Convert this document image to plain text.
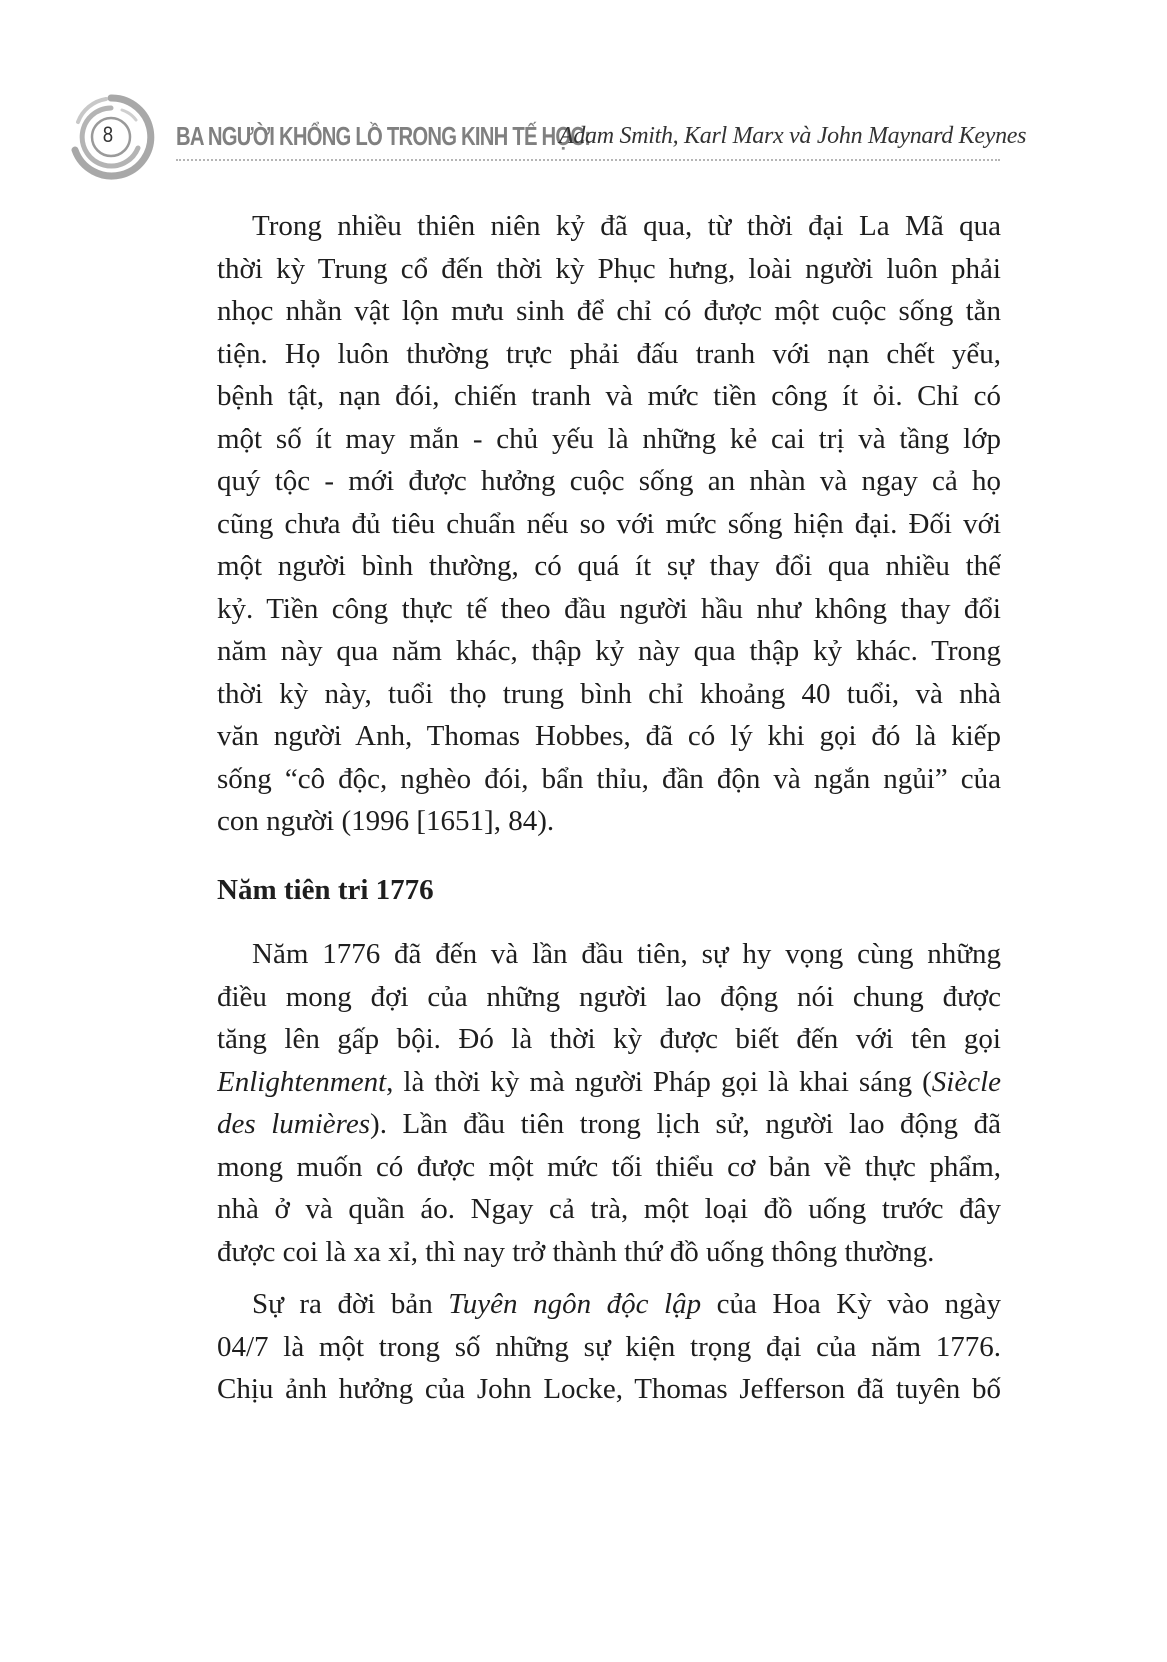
8	BA NGƯỜI KHỔNG LỒ TRONG KINH TẾ HỌC:
Adam Smith, Karl Marx và John Maynard Keynes
Trong nhiều thiên niên kỷ đã qua, từ thời đại La Mã qua
thời kỳ Trung cổ đến thời kỳ Phục hưng, loài người luôn phải
nhọc nhằn vật lộn mưu sinh để chỉ có được một cuộc sống tằn
tiện. Họ luôn thường trực phải đấu tranh với nạn chết yểu,
bệnh tật, nạn đói, chiến tranh và mức tiền công ít ỏi. Chỉ có
một số ít may mắn - chủ yếu là những kẻ cai trị và tầng lớp
quý tộc - mới được hưởng cuộc sống an nhàn và ngay cả họ
cũng chưa đủ tiêu chuẩn nếu so với mức sống hiện đại. Đối với
một người bình thường, có quá ít sự thay đổi qua nhiều thế
kỷ. Tiền công thực tế theo đầu người hầu như không thay đổi
năm này qua năm khác, thập kỷ này qua thập kỷ khác. Trong
thời kỳ này, tuổi thọ trung bình chỉ khoảng 40 tuổi, và nhà
văn người Anh, Thomas Hobbes, đã có lý khi gọi đó là kiếp
sống “cô độc, nghèo đói, bẩn thỉu, đần độn và ngắn ngủi” của
con người (1996 [1651], 84).
Năm tiên tri 1776
Năm 1776 đã đến và lần đầu tiên, sự hy vọng cùng những
điều mong đợi của những người lao động nói chung được
tăng lên gấp bội. Đó là thời kỳ được biết đến với tên gọi
Enlightenment, là thời kỳ mà người Pháp gọi là khai sáng (Siècle
des lumières). Lần đầu tiên trong lịch sử, người lao động đã
mong muốn có được một mức tối thiểu cơ bản về thực phẩm,
nhà ở và quần áo. Ngay cả trà, một loại đồ uống trước đây
được coi là xa xỉ, thì nay trở thành thứ đồ uống thông thường.
Sự ra đời bản Tuyên ngôn độc lập của Hoa Kỳ vào ngày
04/7 là một trong số những sự kiện trọng đại của năm 1776.
Chịu ảnh hưởng của John Locke, Thomas Jefferson đã tuyên bố
